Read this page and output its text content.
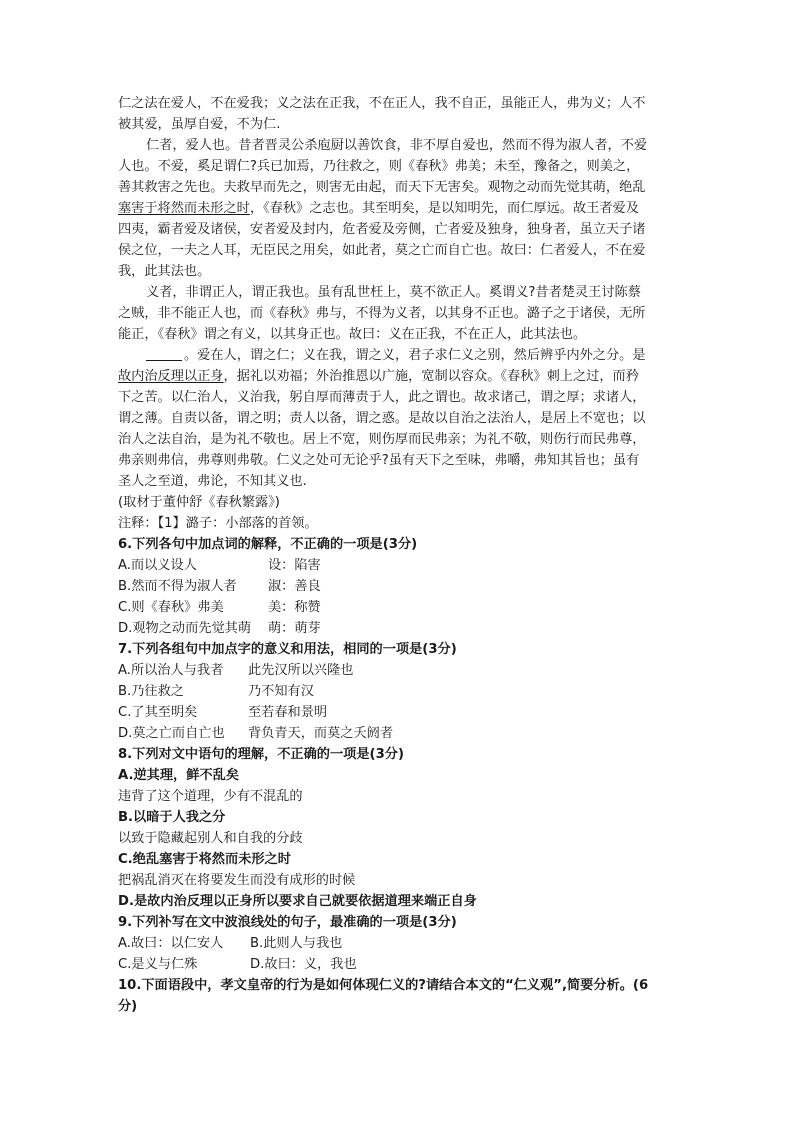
仁之法在爱人，不在爱我；义之法在正我，不在正人，我不自正，虽能正人，弗为义；人不
被其爱，虽厚自爱，不为仁.
仁者，爱人也。昔者晋灵公杀庖厨以善饮食，非不厚自爱也，然而不得为淑人者，不爱
人也。不爱，奚足谓仁?兵已加焉，乃往救之，则《春秋》弗美；未至，豫备之，则美之，
善其救害之先也。夫救早而先之，则害无由起，而天下无害矣。观物之动而先觉其萌，绝乱
塞害于将然而未形之时，《春秋》之志也。其至明矣，是以知明先，而仁厚远。故王者爱及
四夷，霸者爱及诸侯，安者爱及封内，危者爱及旁侧，亡者爱及独身，独身者，虽立天子诸
侯之位，一夫之人耳，无臣民之用矣，如此者，莫之亡而自亡也。故曰：仁者爱人，不在爱
我，此其法也。
义者，非谓正人，谓正我也。虽有乱世枉上，莫不欲正人。奚谓义?昔者楚灵王讨陈蔡
之贼，非不能正人也，而《春秋》弗与，不得为义者，以其身不正也。潞子之于诸侯，无所
能正，《春秋》谓之有义，以其身正也。故曰：义在正我，不在正人，此其法也。
。爱在人，谓之仁；义在我，谓之义，君子求仁义之别，然后辨乎内外之分。是
故内治反理以正身，据礼以劝福；外治推恩以广施，宽制以容众。《春秋》刺上之过，而矜
下之苦。以仁治人，义治我，躬自厚而薄责于人，此之谓也。故求诸己，谓之厚；求诸人，
谓之薄。自责以备，谓之明；责人以备，谓之惑。是故以自治之法治人，是居上不宽也；以
治人之法自治，是为礼不敬也。居上不宽，则伤厚而民弗亲；为礼不敬，则伤行而民弗尊，
弗亲则弗信，弗尊则弗敬。仁义之处可无论乎?虽有天下之至味，弗嚼，弗知其旨也；虽有
圣人之至道，弗论，不知其义也.
(取材于董仲舒《春秋繁露》)
注释：【1】潞子：小部落的首领。
6.下列各句中加点词的解释，不正确的一项是(3分)
A.而以义设人	设：陷害
B.然而不得为淑人者 淑：善良
C.则《春秋》弗美	美：称赞
D.观物之动而先觉其萌 萌：萌芽
7.下列各组句中加点字的意义和用法，相同的一项是(3分)
A.所以治人与我者 此先汉所以兴隆也
B.乃往救之	乃不知有汉
C.了其至明矣	至若春和景明
D.莫之亡而自亡也 背负青天，而莫之夭阏者
8.下列对文中语句的理解，不正确的一项是(3分)
A.逆其理，鲜不乱矣
违背了这个道理，少有不混乱的
B.以暗于人我之分
以致于隐藏起别人和自我的分歧
C.绝乱塞害于将然而未形之时
把祸乱消灭在将要发生而没有成形的时候
D.是故内治反理以正身所以要求自己就要依据道理来端正自身
9.下列补写在文中波浪线处的句子，最准确的一项是(3分)
A.故曰：以仁安人 B.此则人与我也
C.是义与仁殊	D.故曰：义，我也
10.下面语段中，孝文皇帝的行为是如何体现仁义的?请结合本文的“仁义观”,简要分析。(6
分)
